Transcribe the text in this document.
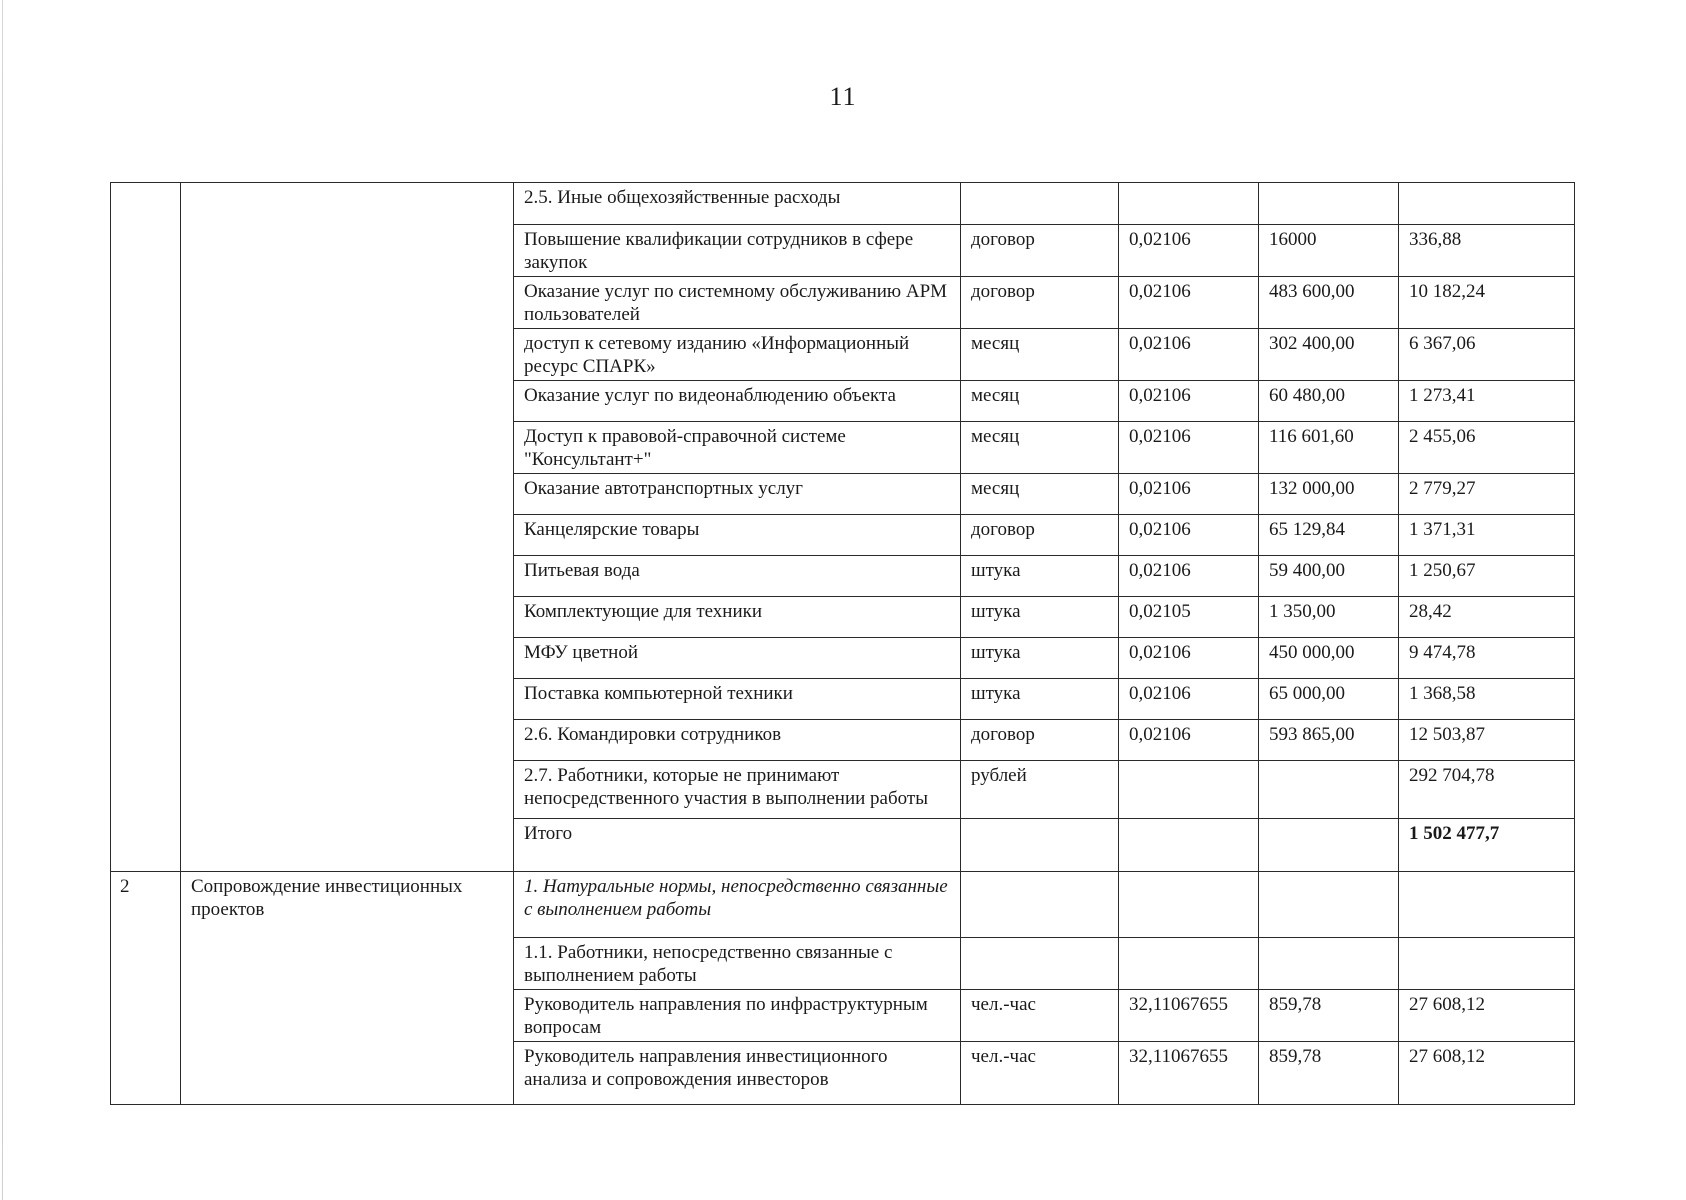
11
		2.5. Иные общехозяйственные расходы				
		Повышение квалификации сотрудников в сфере закупок	договор	0,02106	16000	336,88
		Оказание услуг по системному обслуживанию АРМ пользователей	договор	0,02106	483 600,00	10 182,24
		доступ к сетевому изданию «Информационный ресурс СПАРК»	месяц	0,02106	302 400,00	6 367,06
		Оказание услуг по видеонаблюдению объекта	месяц	0,02106	60 480,00	1 273,41
		Доступ к правовой-справочной системе "Консультант+"	месяц	0,02106	116 601,60	2 455,06
		Оказание автотранспортных услуг	месяц	0,02106	132 000,00	2 779,27
		Канцелярские товары	договор	0,02106	65 129,84	1 371,31
		Питьевая вода	штука	0,02106	59 400,00	1 250,67
		Комплектующие для техники	штука	0,02105	1 350,00	28,42
		МФУ цветной	штука	0,02106	450 000,00	9 474,78
		Поставка компьютерной техники	штука	0,02106	65 000,00	1 368,58
		2.6. Командировки сотрудников	договор	0,02106	593 865,00	12 503,87
		2.7. Работники, которые не принимают непосредственного участия в выполнении работы	рублей			292 704,78
		Итого				1 502 477,7
2	Сопровождение инвестиционных проектов	1. Натуральные нормы, непосредственно связанные с выполнением работы				
		1.1. Работники, непосредственно связанные с выполнением работы				
		Руководитель направления по инфраструктурным вопросам	чел.-час	32,11067655	859,78	27 608,12
		Руководитель направления инвестиционного анализа и сопровождения инвесторов	чел.-час	32,11067655	859,78	27 608,12
